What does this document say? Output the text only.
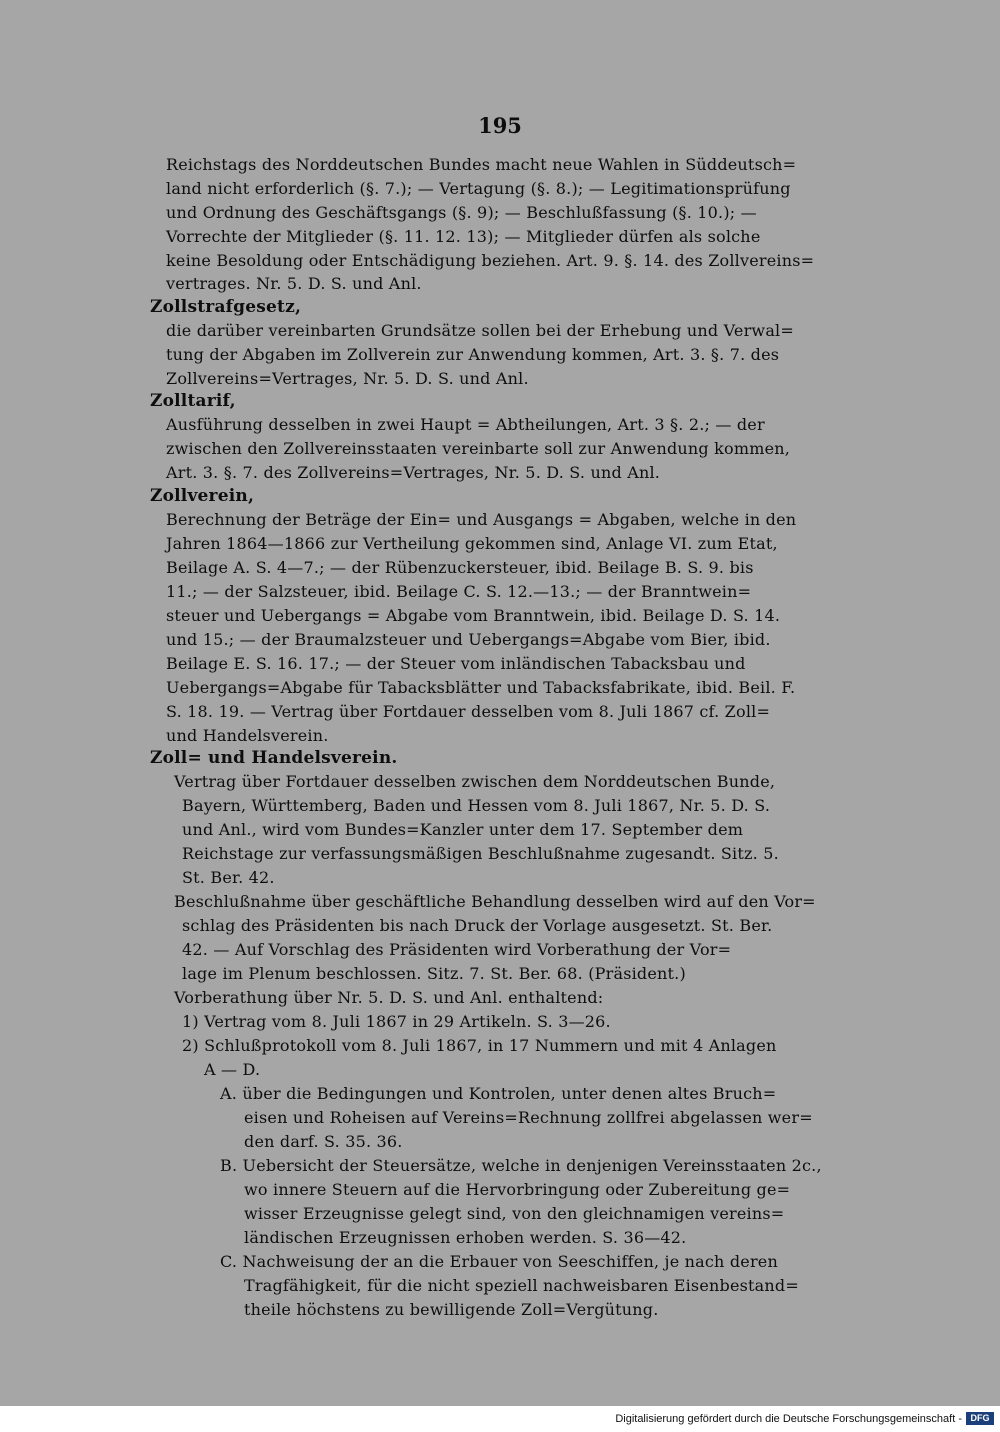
195
Reichstags des Norddeutschen Bundes macht neue Wahlen in Süddeutsch=
land nicht erforderlich (§. 7.); — Vertagung (§. 8.); — Legitimationsprüfung
und Ordnung des Geschäftsgangs (§. 9); — Beschlußfassung (§. 10.); —
Vorrechte der Mitglieder (§. 11. 12. 13); — Mitglieder dürfen als solche
keine Besoldung oder Entschädigung beziehen. Art. 9. §. 14. des Zollvereins=
vertrages. Nr. 5. D. S. und Anl.
Zollstrafgesetz,
die darüber vereinbarten Grundsätze sollen bei der Erhebung und Verwal=
tung der Abgaben im Zollverein zur Anwendung kommen, Art. 3. §. 7. des
Zollvereins=Vertrages, Nr. 5. D. S. und Anl.
Zolltarif,
Ausführung desselben in zwei Haupt = Abtheilungen, Art. 3 §. 2.; — der
zwischen den Zollvereinsstaaten vereinbarte soll zur Anwendung kommen,
Art. 3. §. 7. des Zollvereins=Vertrages, Nr. 5. D. S. und Anl.
Zollverein,
Berechnung der Beträge der Ein= und Ausgangs = Abgaben, welche in den
Jahren 1864—1866 zur Vertheilung gekommen sind, Anlage VI. zum Etat,
Beilage A. S. 4—7.; — der Rübenzuckersteuer, ibid. Beilage B. S. 9. bis
11.; — der Salzsteuer, ibid. Beilage C. S. 12.—13.; — der Branntwein=
steuer und Uebergangs = Abgabe vom Branntwein, ibid. Beilage D. S. 14.
und 15.; — der Braumalzsteuer und Uebergangs=Abgabe vom Bier, ibid.
Beilage E. S. 16. 17.; — der Steuer vom inländischen Tabacksbau und
Uebergangs=Abgabe für Tabacksblätter und Tabacksfabrikate, ibid. Beil. F.
S. 18. 19. — Vertrag über Fortdauer desselben vom 8. Juli 1867 cf. Zoll=
und Handelsverein.
Zoll= und Handelsverein.
Vertrag über Fortdauer desselben zwischen dem Norddeutschen Bunde,
Bayern, Württemberg, Baden und Hessen vom 8. Juli 1867, Nr. 5. D. S.
und Anl., wird vom Bundes=Kanzler unter dem 17. September dem
Reichstage zur verfassungsmäßigen Beschlußnahme zugesandt. Sitz. 5.
St. Ber. 42.
Beschlußnahme über geschäftliche Behandlung desselben wird auf den Vor=
schlag des Präsidenten bis nach Druck der Vorlage ausgesetzt. St. Ber.
42. — Auf Vorschlag des Präsidenten wird Vorberathung der Vor=
lage im Plenum beschlossen. Sitz. 7. St. Ber. 68. (Präsident.)
Vorberathung über Nr. 5. D. S. und Anl. enthaltend:
1) Vertrag vom 8. Juli 1867 in 29 Artikeln. S. 3—26.
2) Schlußprotokoll vom 8. Juli 1867, in 17 Nummern und mit 4 Anlagen
A — D.
A. über die Bedingungen und Kontrolen, unter denen altes Bruch=
eisen und Roheisen auf Vereins=Rechnung zollfrei abgelassen wer=
den darf. S. 35. 36.
B. Uebersicht der Steuersätze, welche in denjenigen Vereinsstaaten 2c.,
wo innere Steuern auf die Hervorbringung oder Zubereitung ge=
wisser Erzeugnisse gelegt sind, von den gleichnamigen vereins=
ländischen Erzeugnissen erhoben werden. S. 36—42.
C. Nachweisung der an die Erbauer von Seeschiffen, je nach deren
Tragfähigkeit, für die nicht speziell nachweisbaren Eisenbestand=
theile höchstens zu bewilligende Zoll=Vergütung.
Digitalisierung gefördert durch die Deutsche Forschungsgemeinschaft - DFG
